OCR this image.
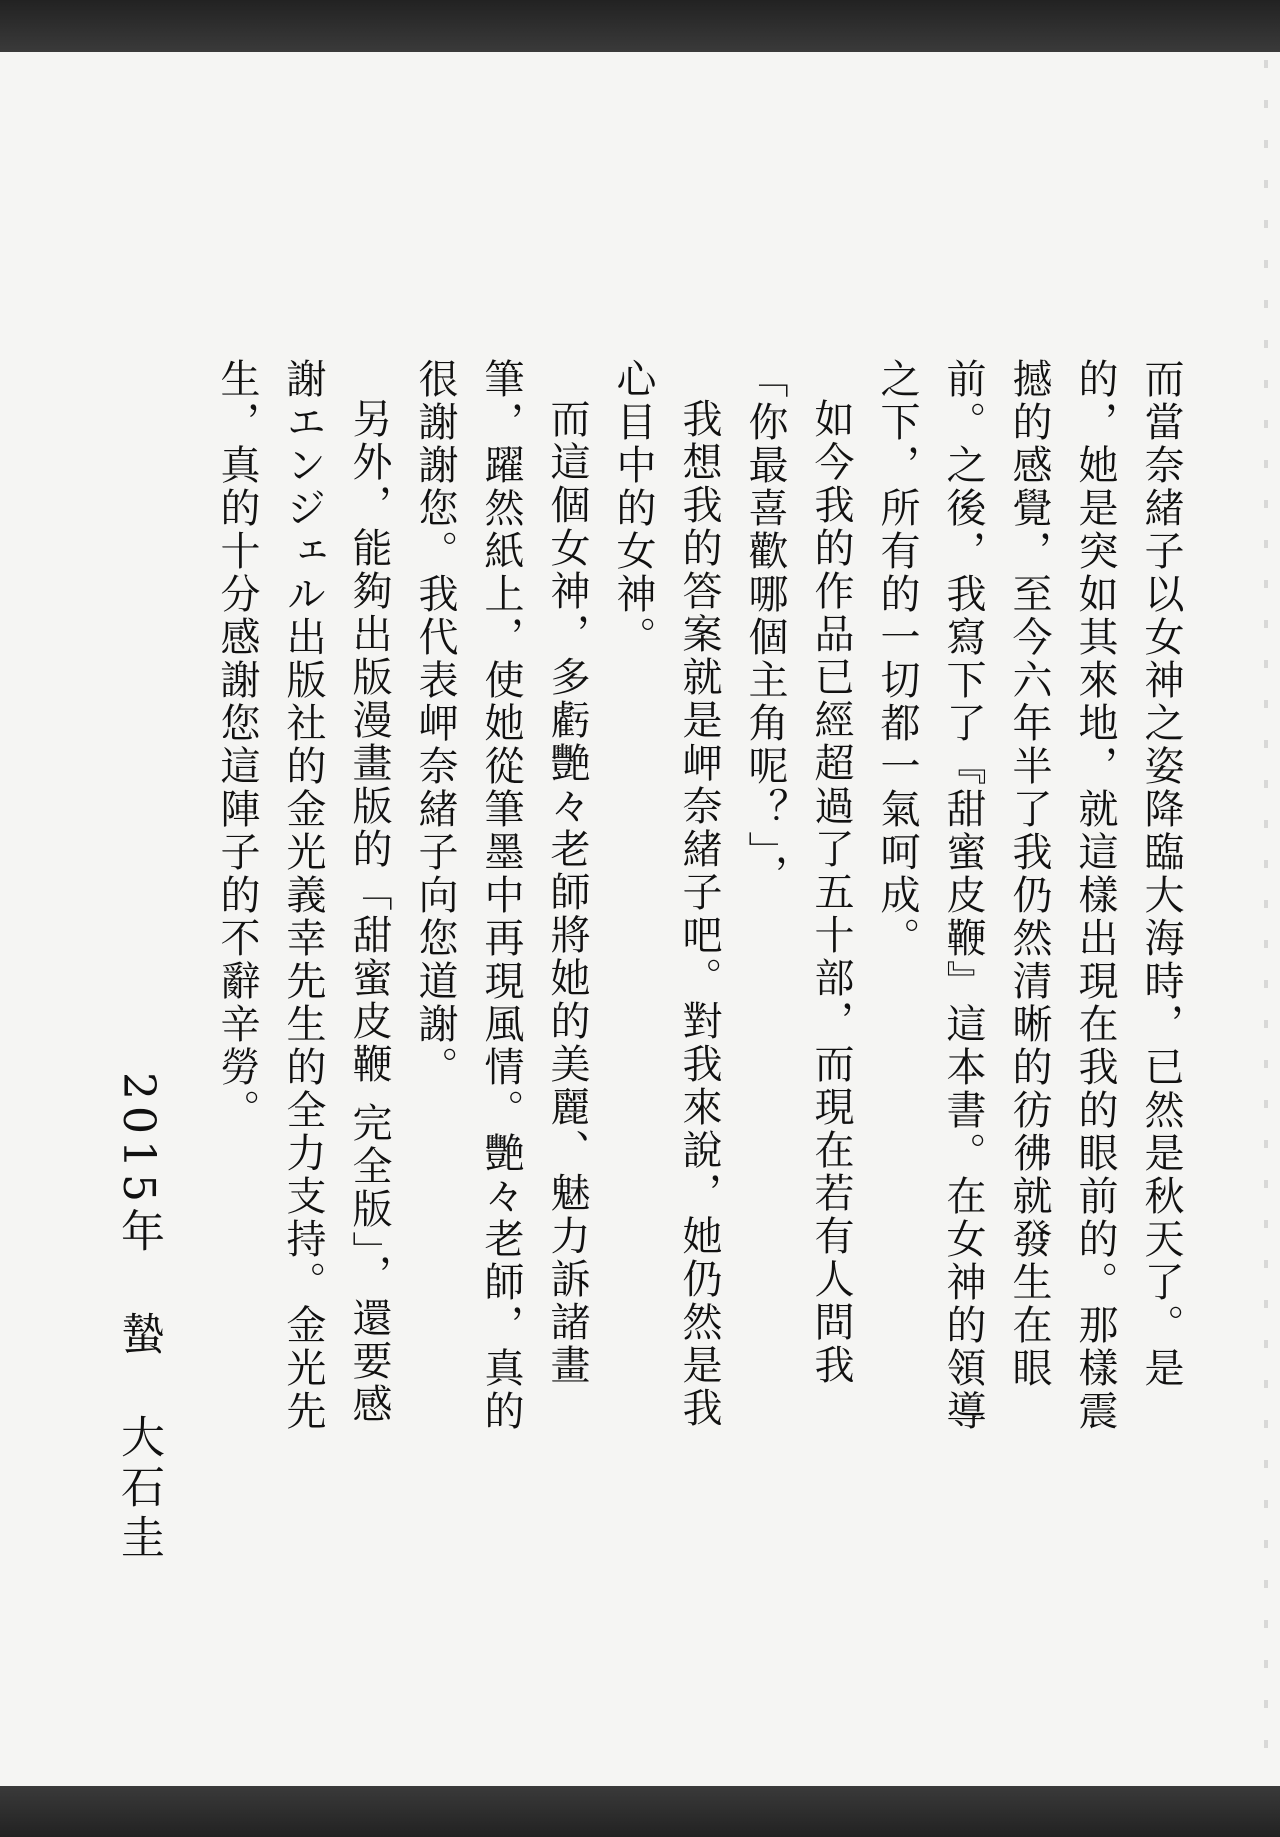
而當奈緒子以女神之姿降臨大海時，已然是秋天了。是的，她是突如其來地，就這樣出現在我的眼前的。那樣震撼的感覺，至今六年半了我仍然清晰的彷彿就發生在眼前。之後，我寫下了『甜蜜皮鞭』這本書。在女神的領導之下，所有的一切都一氣呵成。

如今我的作品已經超過了五十部，而現在若有人問我「你最喜歡哪個主角呢？」，

我想我的答案就是岬奈緒子吧。對我來說，她仍然是我心目中的女神。

而這個女神，多虧艷々老師將她的美麗、魅力訴諸畫筆，躍然紙上，使她從筆墨中再現風情。艷々老師，真的很謝謝您。我代表岬奈緒子向您道謝。

另外，能夠出版漫畫版的「甜蜜皮鞭 完全版」，還要感謝エンジェル出版社的金光義幸先生的全力支持。金光先生，真的十分感謝您這陣子的不辭辛勞。

2015年蟄大石圭
